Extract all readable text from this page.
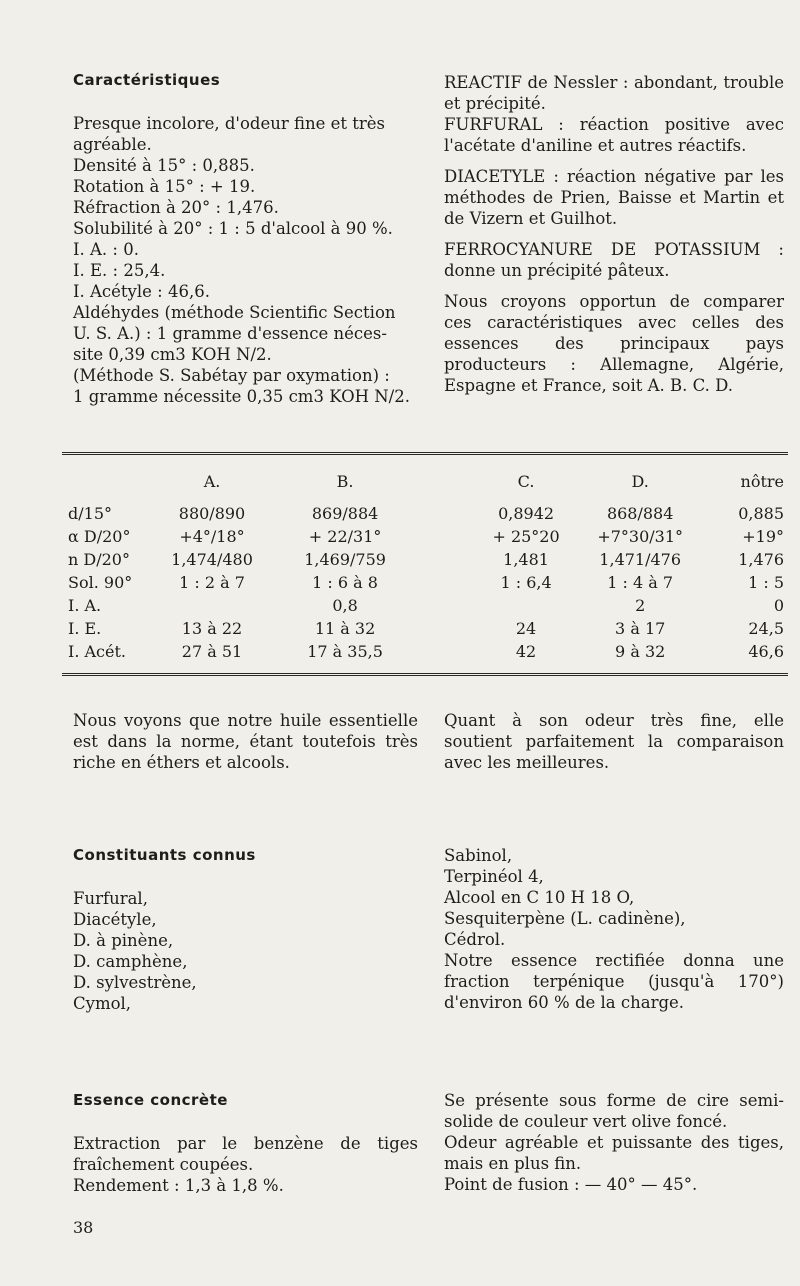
Caractéristiques
Presque incolore, d'odeur fine et très
agréable.
Densité à 15° : 0,885.
Rotation à 15° : + 19.
Réfraction à 20° : 1,476.
Solubilité à 20° : 1 : 5 d'alcool à 90 %.
I. A. : 0.
I. E. : 25,4.
I. Acétyle : 46,6.
Aldéhydes (méthode Scientific Section
U. S. A.) : 1 gramme d'essence néces-
site 0,39 cm3 KOH N/2.
(Méthode S. Sabétay par oxymation) :
1 gramme nécessite 0,35 cm3 KOH N/2.

REACTIF de Nessler : abondant, trouble et précipité.

FURFURAL : réaction positive avec l'acétate d'aniline et autres réactifs.

DIACETYLE : réaction négative par les méthodes de Prien, Baisse et Martin et de Vizern et Guilhot.

FERROCYANURE DE POTASSIUM : donne un précipité pâteux.

Nous croyons opportun de comparer ces caractéristiques avec celles des essences des principaux pays producteurs : Allemagne, Algérie, Espagne et France, soit A. B. C. D.

	A.	B.		C.	D.	nôtre
d/15°	880/890	869/884		0,8942	868/884	0,885
α D/20°	+4°/18°	+ 22/31°		+ 25°20	+7°30/31°	+19°
n D/20°	1,474/480	1,469/759		1,481	1,471/476	1,476
Sol. 90°	1 : 2 à 7	1 : 6 à 8		1 : 6,4	1 : 4 à 7	1 : 5
I. A.		0,8			2	0
I. E.	13 à 22	11 à 32		24	3 à 17	24,5
I. Acét.	27 à 51	17 à 35,5		42	9 à 32	46,6

Nous voyons que notre huile essentielle est dans la norme, étant toutefois très riche en éthers et alcools.

Quant à son odeur très fine, elle soutient parfaitement la comparaison avec les meilleures.

Constituants connus
Furfural,
Diacétyle,
D. à pinène,
D. camphène,
D. sylvestrène,
Cymol,
Sabinol,
Terpinéol 4,
Alcool en C 10 H 18 O,
Sesquiterpène (L. cadinène),
Cédrol.

Notre essence rectifiée donna une fraction terpénique (jusqu'à 170°) d'environ 60 % de la charge.

Essence concrète

Extraction par le benzène de tiges fraîchement coupées.

Rendement : 1,3 à 1,8 %.

Se présente sous forme de cire semi-solide de couleur vert olive foncé.

Odeur agréable et puissante des tiges, mais en plus fin.

Point de fusion : — 40° — 45°.

38
